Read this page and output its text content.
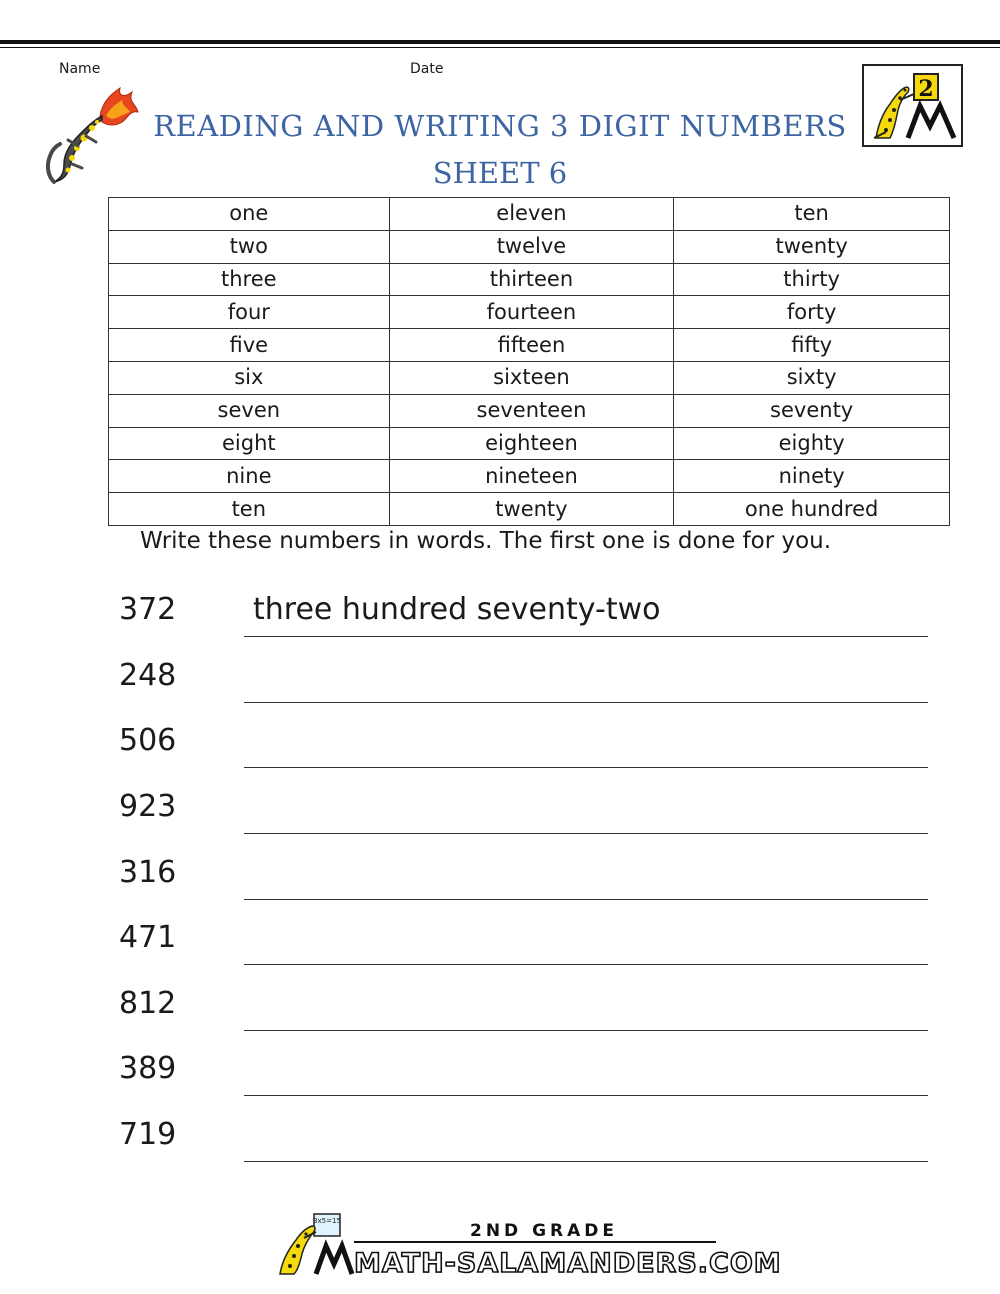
Name	Date
READING AND WRITING 3 DIGIT NUMBERS
SHEET 6
2
one	eleven	ten
two	twelve	twenty
three	thirteen	thirty
four	fourteen	forty
five	fifteen	fifty
six	sixteen	sixty
seven	seventeen	seventy
eight	eighteen	eighty
nine	nineteen	ninety
ten	twenty	one hundred
Write these numbers in words. The first one is done for you.
372	three hundred seventy-two
248
506
923
316
471
812
389
719
3x5=15	2ND GRADE
MATH-SALAMANDERS.COM
